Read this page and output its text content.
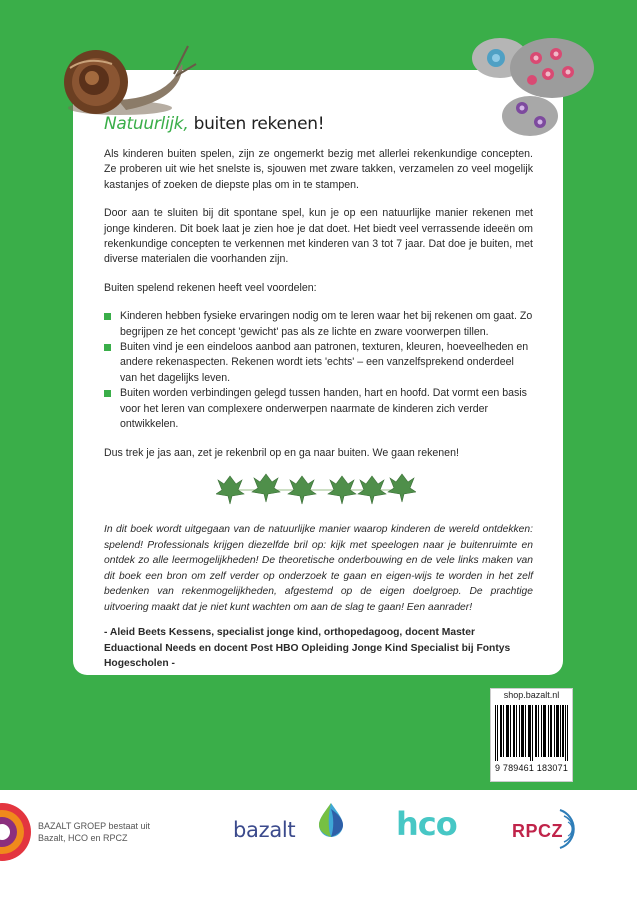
Natuurlijk, buiten rekenen!

Als kinderen buiten spelen, zijn ze ongemerkt bezig met allerlei rekenkundige concepten. Ze proberen uit wie het snelste is, sjouwen met zware takken, verzamelen zo veel mogelijk kastanjes of zoeken de diepste plas om in te stampen.

Door aan te sluiten bij dit spontane spel, kun je op een natuurlijke manier rekenen met jonge kinderen. Dit boek laat je zien hoe je dat doet. Het biedt veel verrassende ideeën om rekenkundige concepten te verkennen met kinderen van 3 tot 7 jaar. Dat doe je buiten, met diverse materialen die voorhanden zijn.

Buiten spelend rekenen heeft veel voordelen:

Kinderen hebben fysieke ervaringen nodig om te leren waar het bij rekenen om gaat. Zo begrijpen ze het concept 'gewicht' pas als ze lichte en zware voorwerpen tillen.
Buiten vind je een eindeloos aanbod aan patronen, texturen, kleuren, hoeveelheden en andere rekenaspecten. Rekenen wordt iets 'echts' – een vanzelfsprekend onderdeel van het dagelijks leven.
Buiten worden verbindingen gelegd tussen handen, hart en hoofd. Dat vormt een basis voor het leren van complexere onderwerpen naarmate de kinderen zich verder ontwikkelen.

Dus trek je jas aan, zet je rekenbril op en ga naar buiten. We gaan rekenen!

In dit boek wordt uitgegaan van de natuurlijke manier waarop kinderen de wereld ontdekken: spelend! Professionals krijgen diezelfde bril op: kijk met speelogen naar je buitenruimte en ontdek zo alle leermogelijkheden! De theoretische onderbouwing en de vele links maken van dit boek een bron om zelf verder op onderzoek te gaan en eigen-wijs te worden in het zelf bedenken van rekenmogelijkheden, afgestemd op de eigen doelgroep. De prachtige uitvoering maakt dat je niet kunt wachten om aan de slag te gaan! Een aanrader!
- Aleid Beets Kessens, specialist jonge kind, orthopedagoog, docent Master Eduactional Needs en docent Post HBO Opleiding Jonge Kind Specialist bij Fontys Hogescholen -
shop.bazalt.nl
9 789461 183071
BAZALT GROEP bestaat uit Bazalt, HCO en RPCZ	bazalt	hco	RPCZ
